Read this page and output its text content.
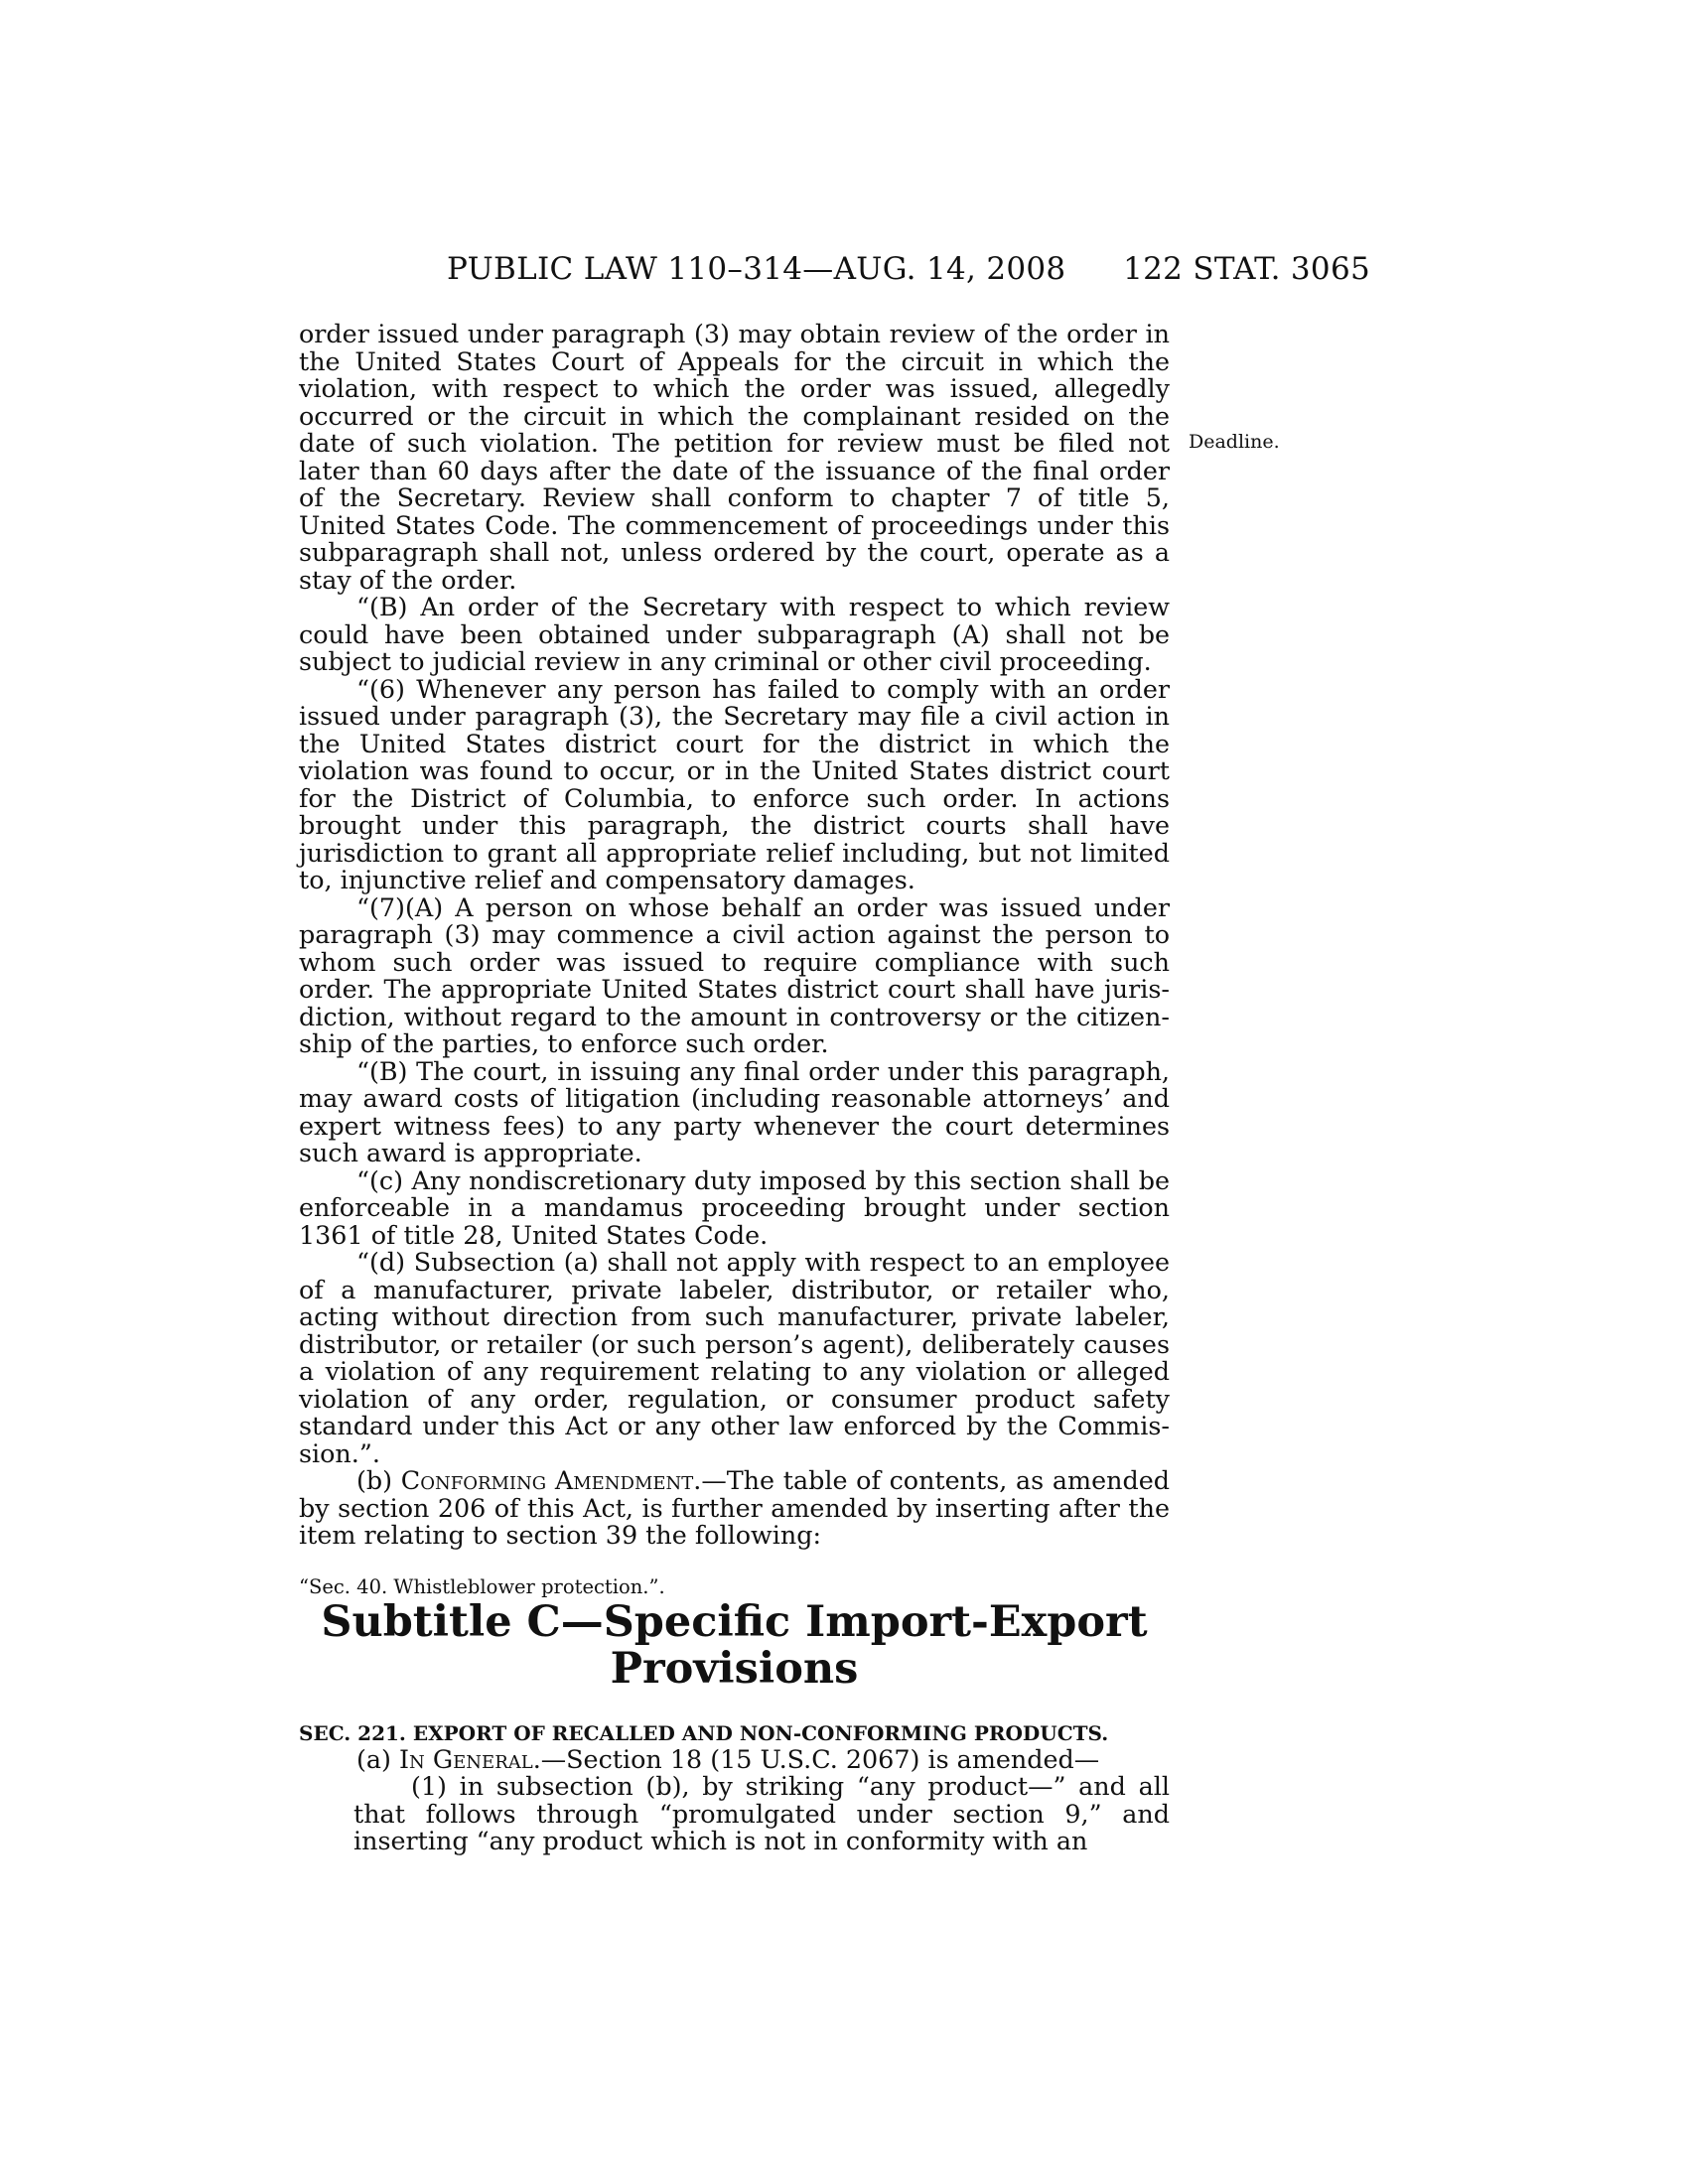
PUBLIC LAW 110–314—AUG. 14, 2008 122 STAT. 3065
Deadline.

order issued under paragraph (3) may obtain review of the order in the United States Court of Appeals for the circuit in which the violation, with respect to which the order was issued, allegedly occurred or the circuit in which the complainant resided on the date of such violation. The petition for review must be filed not later than 60 days after the date of the issuance of the final order of the Secretary. Review shall conform to chapter 7 of title 5, United States Code. The commencement of proceedings under this subparagraph shall not, unless ordered by the court, operate as a stay of the order.

“(B) An order of the Secretary with respect to which review could have been obtained under subparagraph (A) shall not be subject to judicial review in any criminal or other civil proceeding.

“(6) Whenever any person has failed to comply with an order issued under paragraph (3), the Secretary may file a civil action in the United States district court for the district in which the violation was found to occur, or in the United States district court for the District of Columbia, to enforce such order. In actions brought under this paragraph, the district courts shall have jurisdiction to grant all appropriate relief including, but not limited to, injunctive relief and compensatory damages.

“(7)(A) A person on whose behalf an order was issued under paragraph (3) may commence a civil action against the person to whom such order was issued to require compliance with such order. The appropriate United States district court shall have jurisdiction, without regard to the amount in controversy or the citizenship of the parties, to enforce such order.

“(B) The court, in issuing any final order under this paragraph, may award costs of litigation (including reasonable attorneys’ and expert witness fees) to any party whenever the court determines such award is appropriate.

“(c) Any nondiscretionary duty imposed by this section shall be enforceable in a mandamus proceeding brought under section 1361 of title 28, United States Code.

“(d) Subsection (a) shall not apply with respect to an employee of a manufacturer, private labeler, distributor, or retailer who, acting without direction from such manufacturer, private labeler, distributor, or retailer (or such person’s agent), deliberately causes a violation of any requirement relating to any violation or alleged violation of any order, regulation, or consumer product safety standard under this Act or any other law enforced by the Commission.”.

(b) Conforming Amendment.—The table of contents, as amended by section 206 of this Act, is further amended by inserting after the item relating to section 39 the following:

“Sec. 40. Whistleblower protection.”.

Subtitle C—Specific Import-Export
Provisions

SEC. 221. EXPORT OF RECALLED AND NON-CONFORMING PRODUCTS.

(a) In General.—Section 18 (15 U.S.C. 2067) is amended—

(1) in subsection (b), by striking “any product—” and all that follows through “promulgated under section 9,” and inserting “any product which is not in conformity with an
